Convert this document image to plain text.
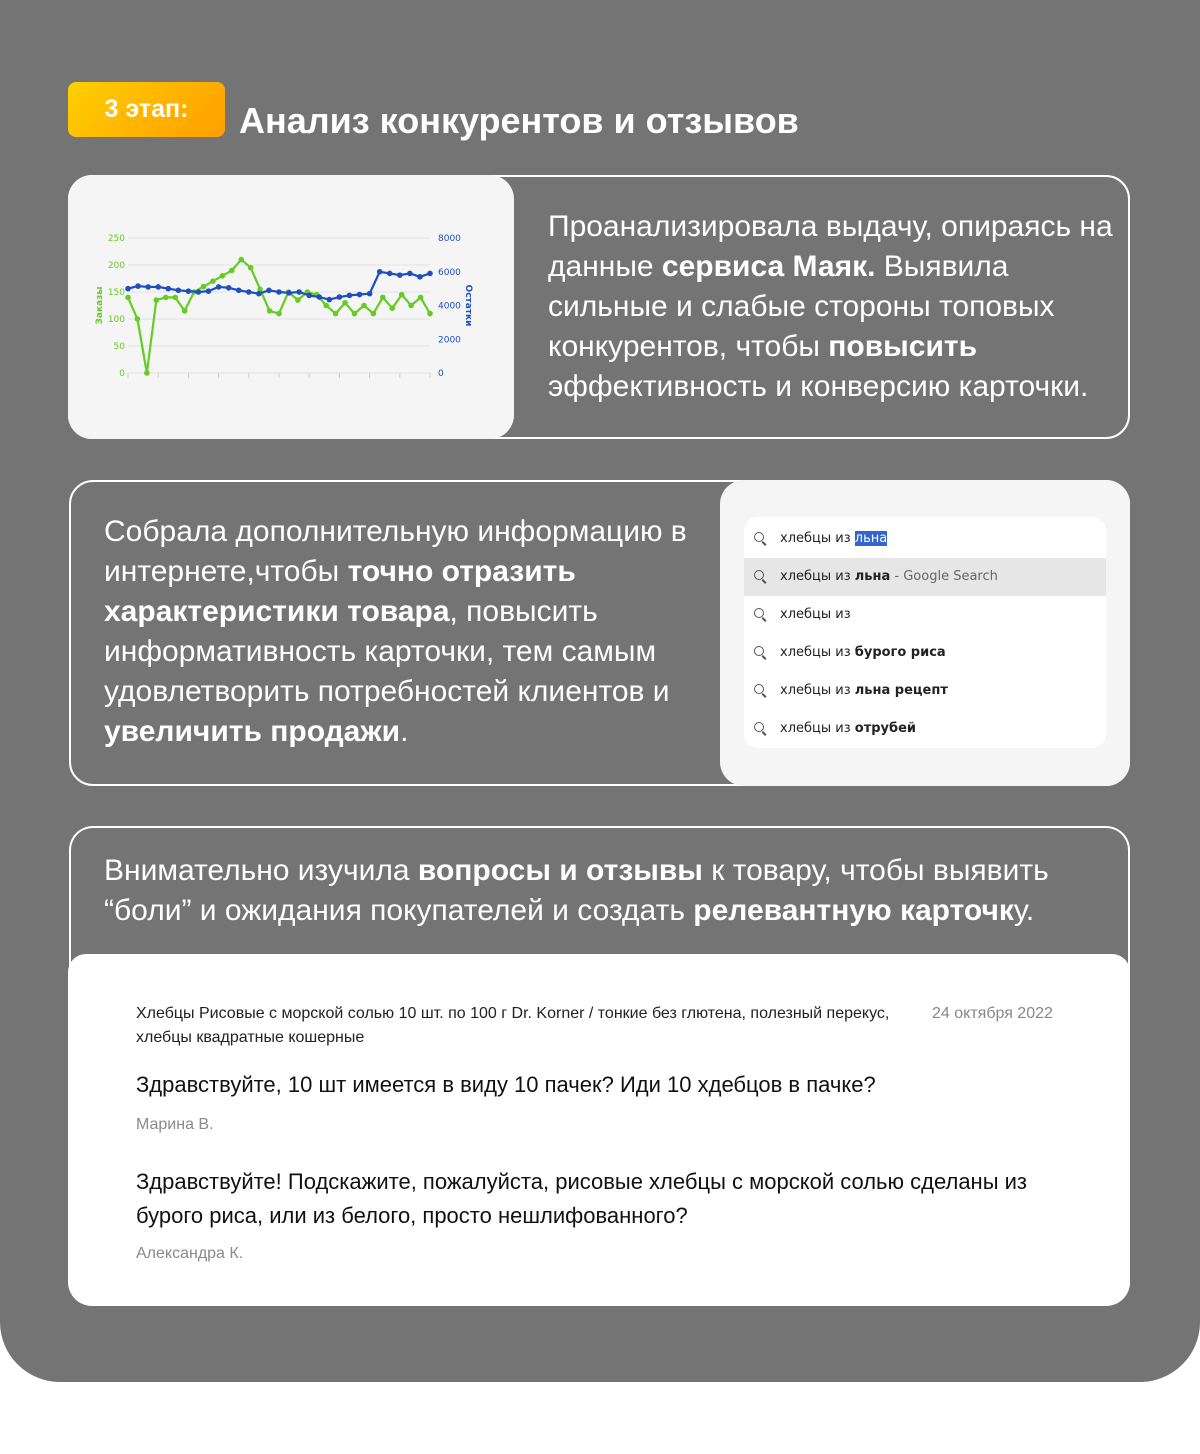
3 этап:	Анализ конкурентов и отзывов
250
200
150
100
50
0
8000
6000
4000
2000
0
Заказы	Остатки
Проанализировала выдачу, опираясь на данные сервиса Маяк. Выявила сильные и слабые стороны топовых конкурентов, чтобы повысить эффективность и конверсию карточки.
Собрала дополнительную информацию в интернете,чтобы точно отразить характеристики товара, повысить информативность карточки, тем самым удовлетворить потребностей клиентов и увеличить продажи.
хлебцы из льна
хлебцы из льна - Google Search
хлебцы из
хлебцы из бурого риса
хлебцы из льна рецепт
хлебцы из отрубей
Внимательно изучила вопросы и отзывы к товару, чтобы выявить “боли” и ожидания покупателей и создать релевантную карточку.
Хлебцы Рисовые с морской солью 10 шт. по 100 г Dr. Korner / тонкие без глютена, полезный перекус, хлебцы квадратные кошерные
24 октября 2022
Здравствуйте, 10 шт имеется в виду 10 пачек? Иди 10 хдебцов в пачке?
Марина В.
Здравствуйте! Подскажите, пожалуйста, рисовые хлебцы с морской солью сделаны из бурого риса, или из белого, просто нешлифованного?
Александра К.
